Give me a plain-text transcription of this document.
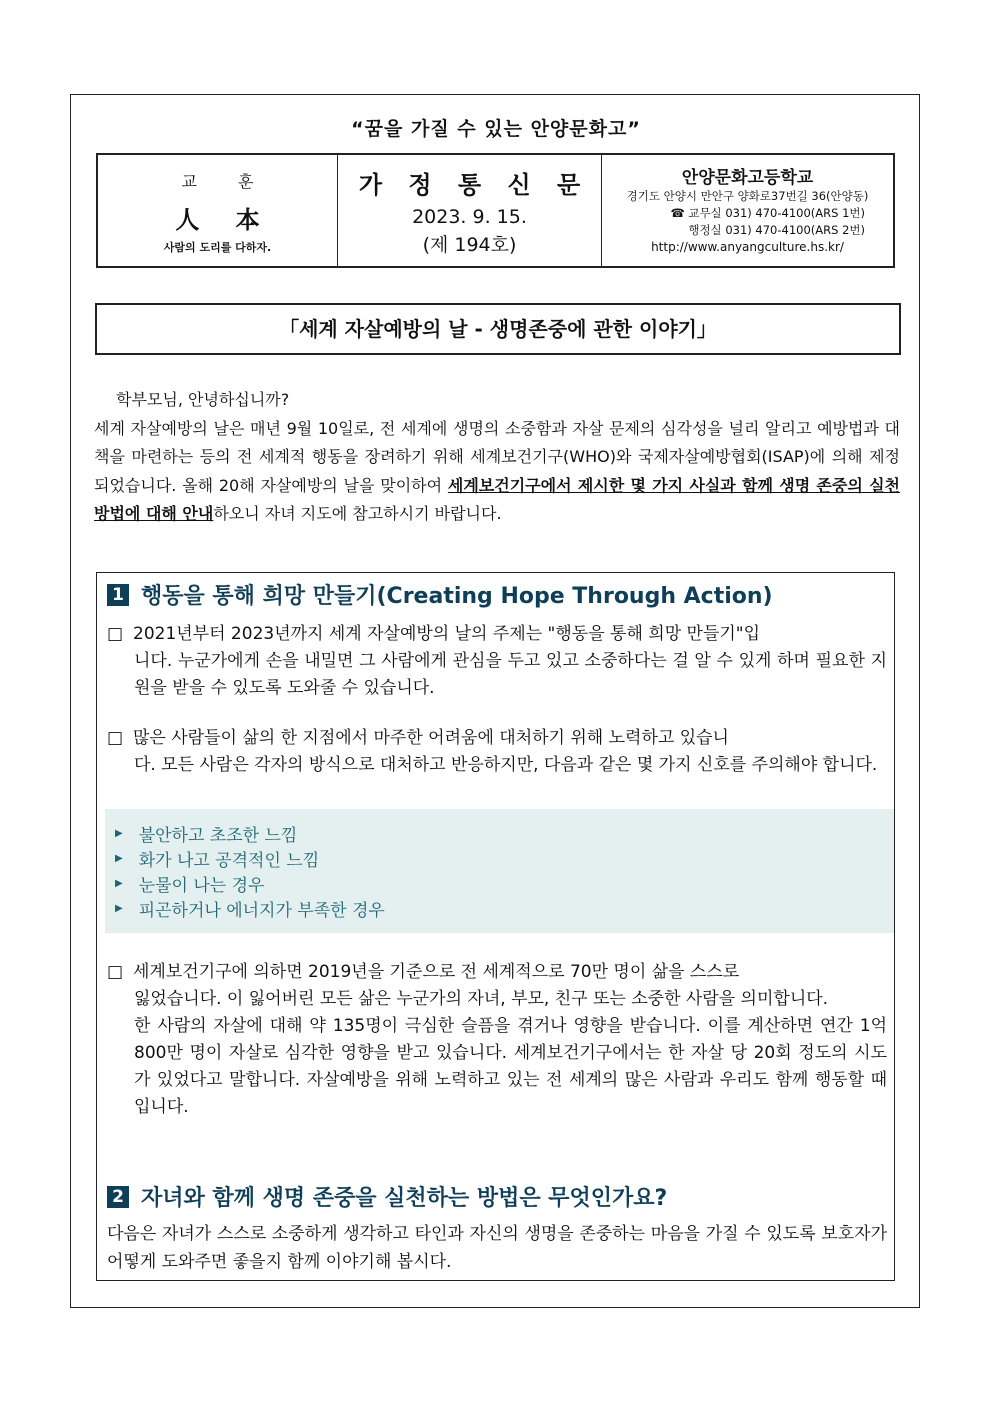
“꿈을 가질 수 있는 안양문화고”
교 훈
人 本
사람의 도리를 다하자.
가 정 통 신 문
2023. 9. 15.
(제 194호)
안양문화고등학교
경기도 안양시 만안구 양화로37번길 36(안양동)
☎ 교무실 031) 470-4100(ARS 1번)
행정실 031) 470-4100(ARS 2번)
http://www.anyangculture.hs.kr/
「세계 자살예방의 날 - 생명존중에 관한 이야기」

학부모님, 안녕하십니까?

세계 자살예방의 날은 매년 9월 10일로, 전 세계에 생명의 소중함과 자살 문제의 심각성을 널리 알리고 예방법과 대책을 마련하는 등의 전 세계적 행동을 장려하기 위해 세계보건기구(WHO)와 국제자살예방협회(ISAP)에 의해 제정되었습니다. 올해 20해 자살예방의 날을 맞이하여 세계보건기구에서 제시한 몇 가지 사실과 함께 생명 존중의 실천 방법에 대해 안내하오니 자녀 지도에 참고하시기 바랍니다.

1 행동을 통해 희망 만들기(Creating Hope Through Action)
□ 2021년부터 2023년까지 세계 자살예방의 날의 주제는 "행동을 통해 희망 만들기"입
니다. 누군가에게 손을 내밀면 그 사람에게 관심을 두고 있고 소중하다는 걸 알 수 있게 하며 필요한 지원을 받을 수 있도록 도와줄 수 있습니다.
□ 많은 사람들이 삶의 한 지점에서 마주한 어려움에 대처하기 위해 노력하고 있습니
다. 모든 사람은 각자의 방식으로 대처하고 반응하지만, 다음과 같은 몇 가지 신호를 주의해야 합니다.
▶ 불안하고 초조한 느낌
▶ 화가 나고 공격적인 느낌
▶ 눈물이 나는 경우
▶ 피곤하거나 에너지가 부족한 경우
□ 세계보건기구에 의하면 2019년을 기준으로 전 세계적으로 70만 명이 삶을 스스로
잃었습니다. 이 잃어버린 모든 삶은 누군가의 자녀, 부모, 친구 또는 소중한 사람을 의미합니다.
한 사람의 자살에 대해 약 135명이 극심한 슬픔을 겪거나 영향을 받습니다. 이를 계산하면 연간 1억 800만 명이 자살로 심각한 영향을 받고 있습니다. 세계보건기구에서는 한 자살 당 20회 정도의 시도가 있었다고 말합니다. 자살예방을 위해 노력하고 있는 전 세계의 많은 사람과 우리도 함께 행동할 때입니다.
2 자녀와 함께 생명 존중을 실천하는 방법은 무엇인가요?
다음은 자녀가 스스로 소중하게 생각하고 타인과 자신의 생명을 존중하는 마음을 가질 수 있도록 보호자가 어떻게 도와주면 좋을지 함께 이야기해 봅시다.
